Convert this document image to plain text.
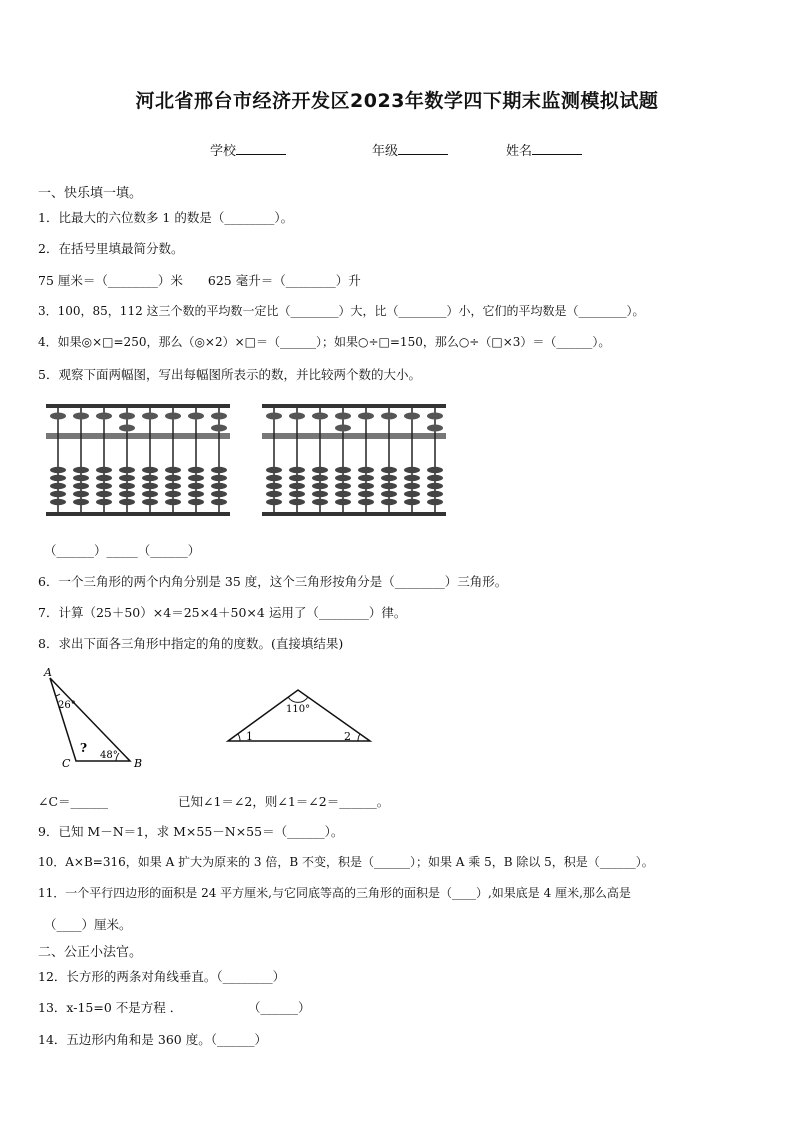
河北省邢台市经济开发区2023年数学四下期末监测模拟试题
学校	年级	姓名
一、快乐填一填。
1．比最大的六位数多 1 的数是（________）。
2．在括号里填最简分数。
75 厘米＝（________）米　　625 毫升＝（________）升
3．100，85，112 这三个数的平均数一定比（________）大，比（________）小，它们的平均数是（________）。
4．如果◎×□=250，那么（◎×2）×□＝（______）；如果○÷□=150，那么○÷（□×3）＝（______）。
5．观察下面两幅图，写出每幅图所表示的数，并比较两个数的大小。
（______）_____（______）
6．一个三角形的两个内角分别是 35 度，这个三角形按角分是（________）三角形。
7．计算（25＋50）×4＝25×4＋50×4 运用了（________）律。
8．求出下面各三角形中指定的角的度数。(直接填结果)
A
B
C
26°
48°
?
110°
1	2
∠C＝______	已知∠1＝∠2，则∠1＝∠2＝______。
9．已知 M－N＝1，求 M×55－N×55＝（______）。
10．A×B=316，如果 A 扩大为原来的 3 倍，B 不变，积是（______）；如果 A 乘 5，B 除以 5，积是（______）。
11．一个平行四边形的面积是 24 平方厘米,与它同底等高的三角形的面积是（____）,如果底是 4 厘米,那么高是
（____）厘米。
二、公正小法官。
12．长方形的两条对角线垂直。（________）
13．x-15=0 不是方程 ．	（______）
14．五边形内角和是 360 度。（______）
